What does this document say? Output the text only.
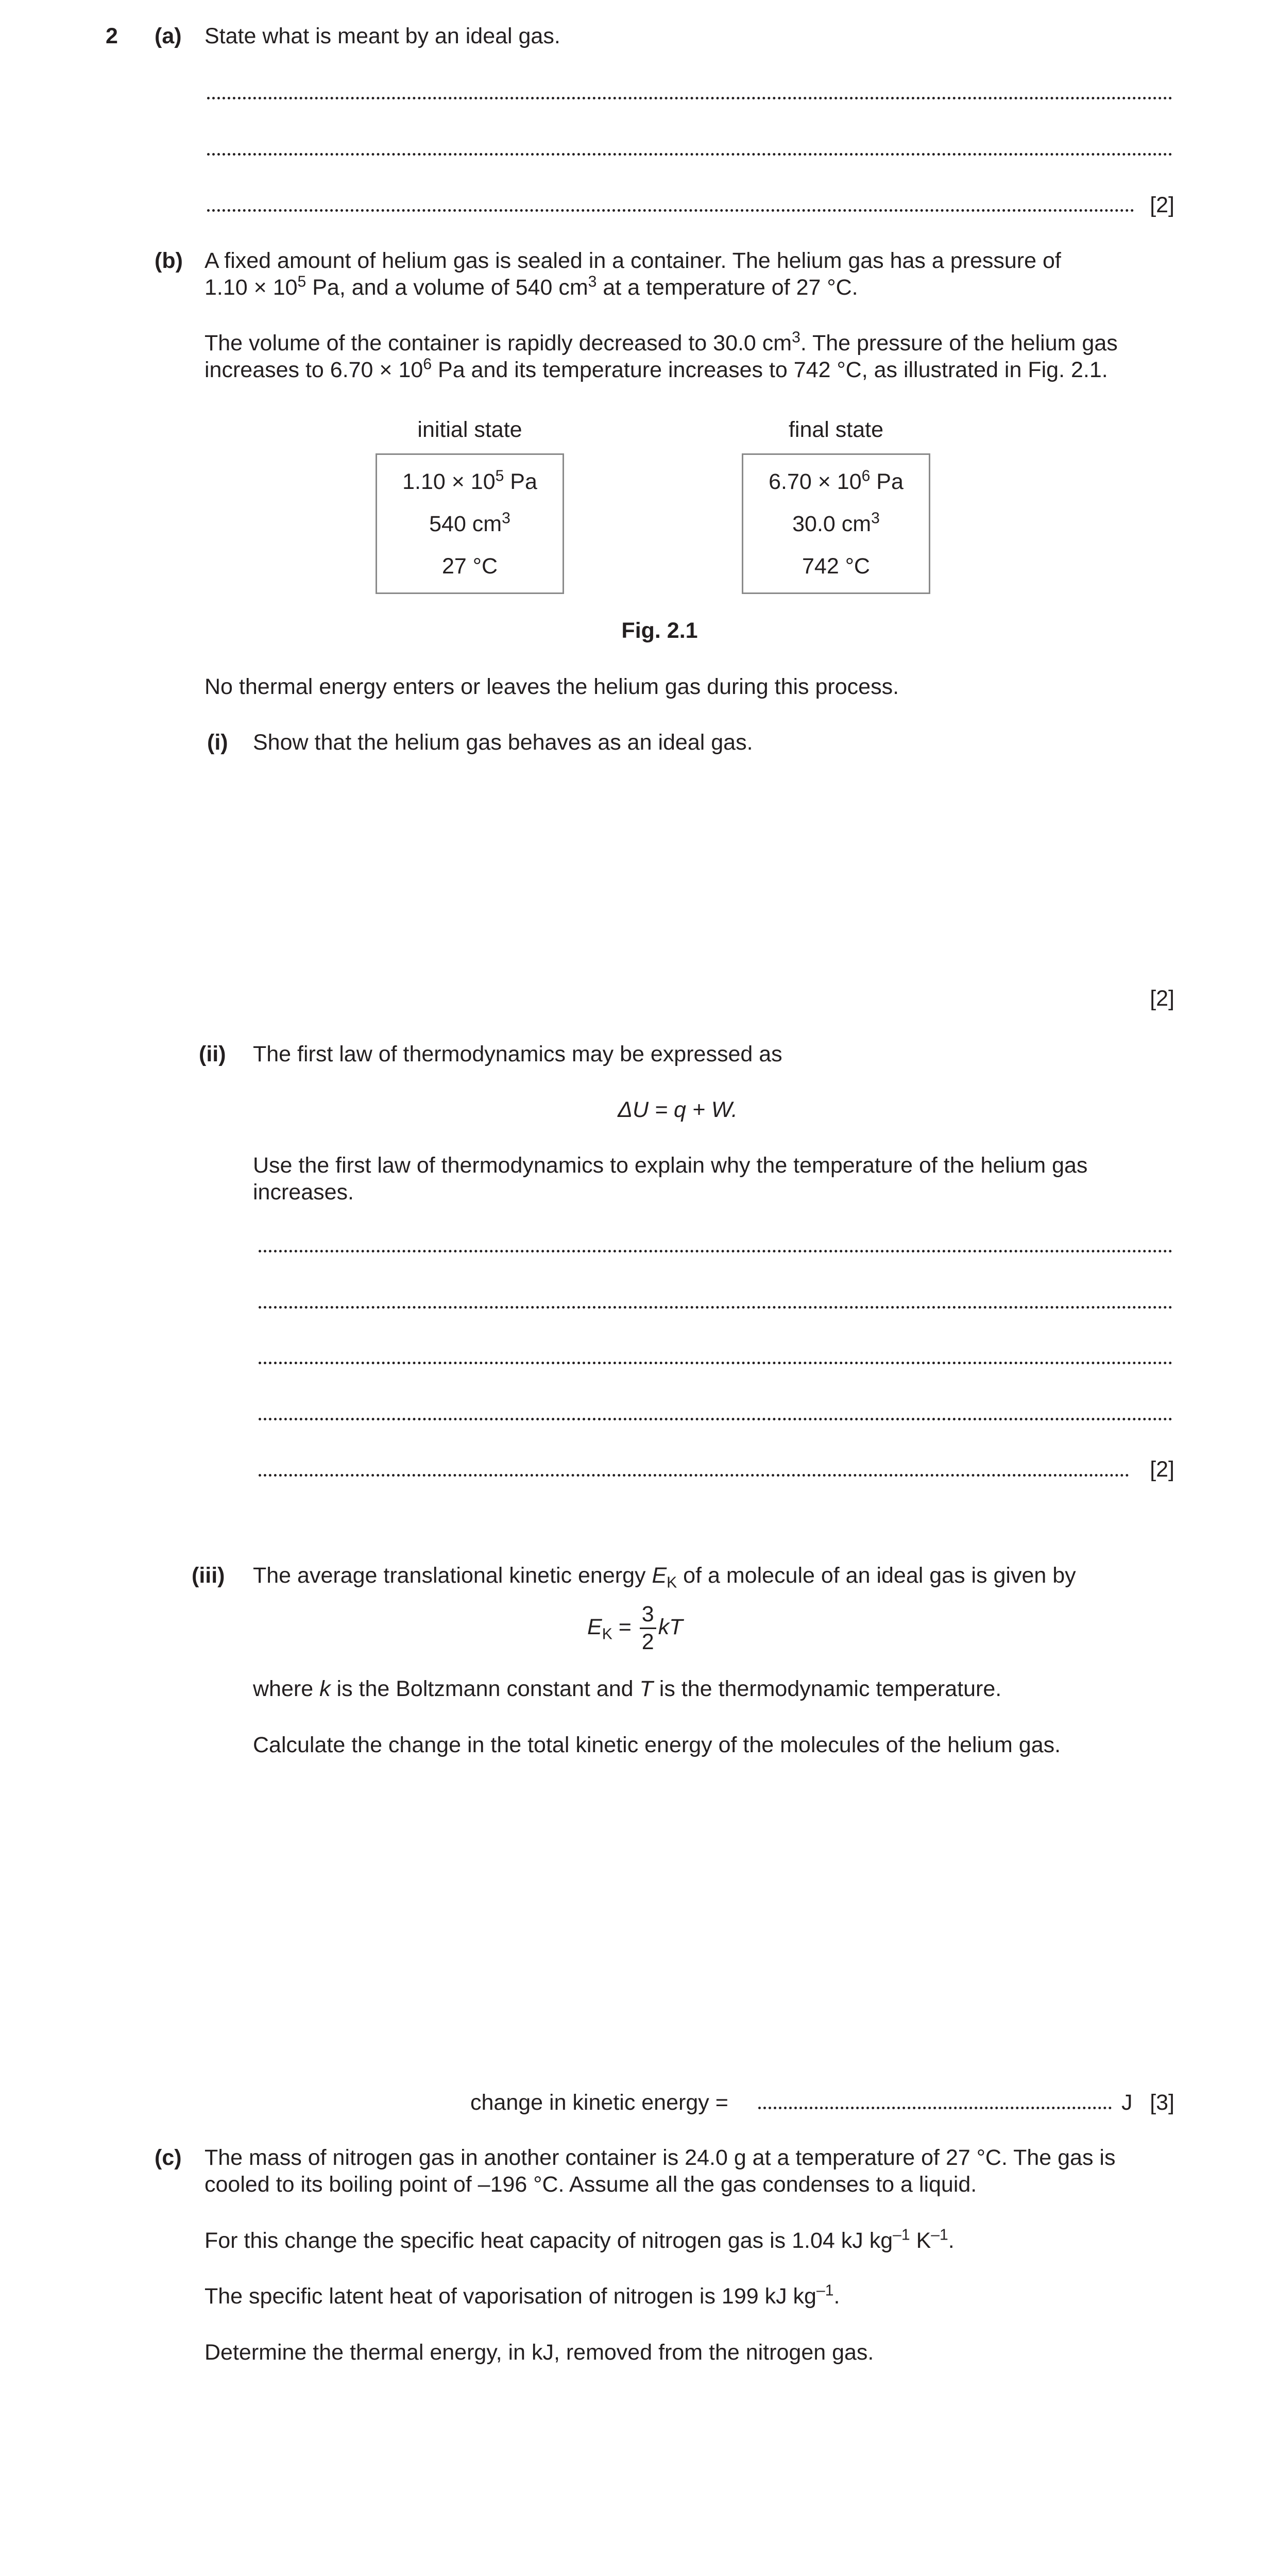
2 (a) State what is meant by an ideal gas.
[2]
(b) A fixed amount of helium gas is sealed in a container. The helium gas has a pressure of
$1.10 \times 10^5$ Pa, and a volume of 540 $cm^3$ at a temperature of 27 °C.
The volume of the container is rapidly decreased to 30.0 $cm^3$. The pressure of the helium gas
increases to $6.70 \times 10^6$ Pa and its temperature increases to 742 °C, as illustrated in Fig. 2.1.
initial state	final state
$1.10 \times 10^5$ Pa
540 $cm^3$
27 °C
$6.70 \times 10^6$ Pa
30.0 $cm^3$
742 °C
Fig. 2.1
No thermal energy enters or leaves the helium gas during this process.
(i) Show that the helium gas behaves as an ideal gas.
[2]
(ii) The first law of thermodynamics may be expressed as
ΔU = q + W.
Use the first law of thermodynamics to explain why the temperature of the helium gas
increases.
[2]
(iii) The average translational kinetic energy $E_K$ of a molecule of an ideal gas is given by
$E_K = \frac{3}{2}$ kT
where k is the Boltzmann constant and T is the thermodynamic temperature.
Calculate the change in the total kinetic energy of the molecules of the helium gas.
change in kinetic energy =	J [3]
(c) The mass of nitrogen gas in another container is 24.0 g at a temperature of 27 °C. The gas is
cooled to its boiling point of –196 °C. Assume all the gas condenses to a liquid.
For this change the specific heat capacity of nitrogen gas is 1.04 kJ $kg^{-1}$ $K^{-1}$.
The specific latent heat of vaporisation of nitrogen is 199 kJ $kg^{-1}$.
Determine the thermal energy, in kJ, removed from the nitrogen gas.
